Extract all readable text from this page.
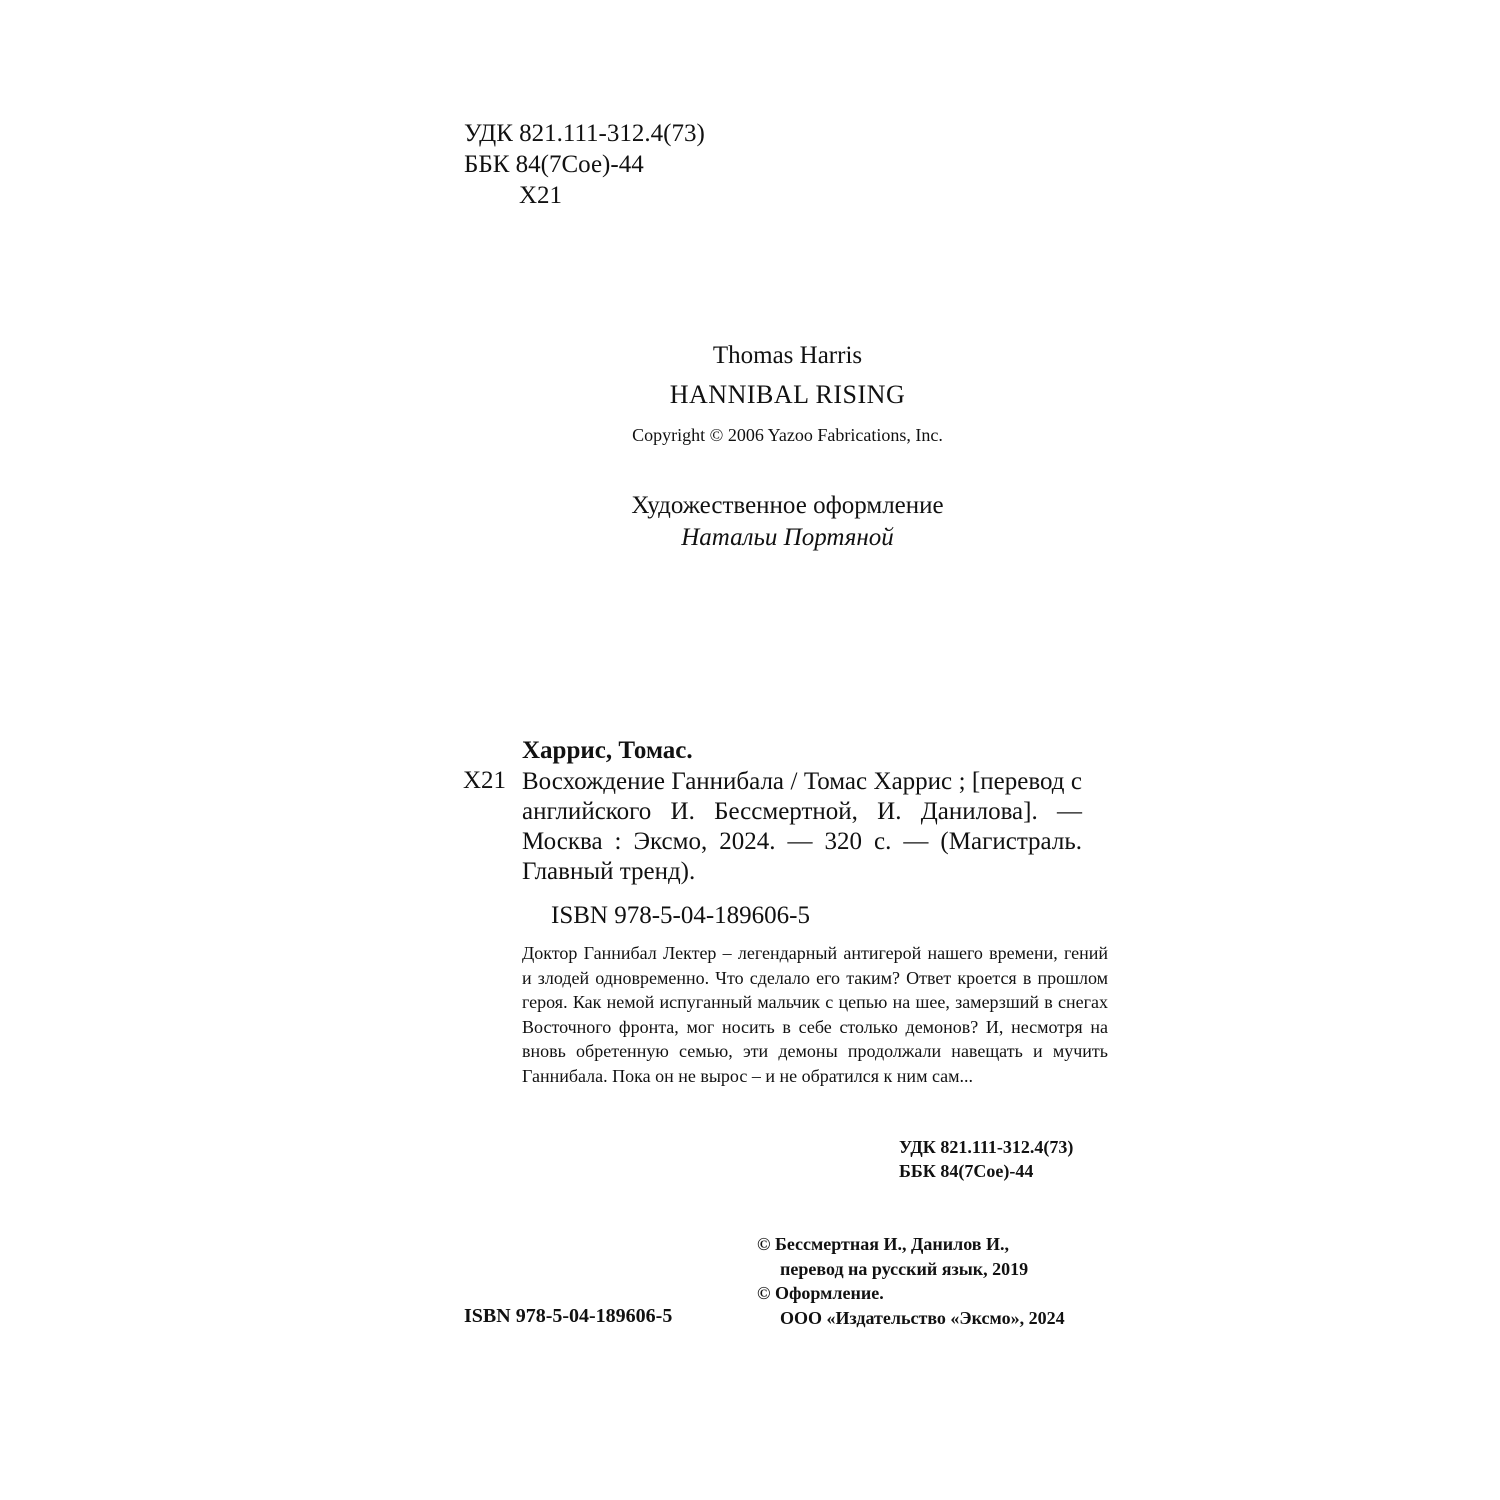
УДК 821.111-312.4(73)
ББК 84(7Сое)-44
Х21
Thomas Harris
HANNIBAL RISING
Copyright © 2006 Yazoo Fabrications, Inc.
Художественное оформление
Натальи Портяной
Харрис, Томас.
Х21 Восхождение Ганнибала / Томас Харрис ; [перевод с английского И. Бессмертной, И. Данилова]. — Москва : Эксмо, 2024. — 320 с. — (Магистраль. Главный тренд).
ISBN 978-5-04-189606-5
Доктор Ганнибал Лектер – легендарный антигерой нашего времени, гений и злодей одновременно. Что сделало его таким? Ответ кроется в прошлом героя. Как немой испуганный мальчик с цепью на шее, замерзший в снегах Восточного фронта, мог носить в себе столько демонов? И, несмотря на вновь обретенную семью, эти демоны продолжали навещать и мучить Ганнибала. Пока он не вырос – и не обратился к ним сам...
УДК 821.111-312.4(73)
ББК 84(7Сое)-44
© Бессмертная И., Данилов И.,
перевод на русский язык, 2019
© Оформление.
ООО «Издательство «Эксмо», 2024
ISBN 978-5-04-189606-5
